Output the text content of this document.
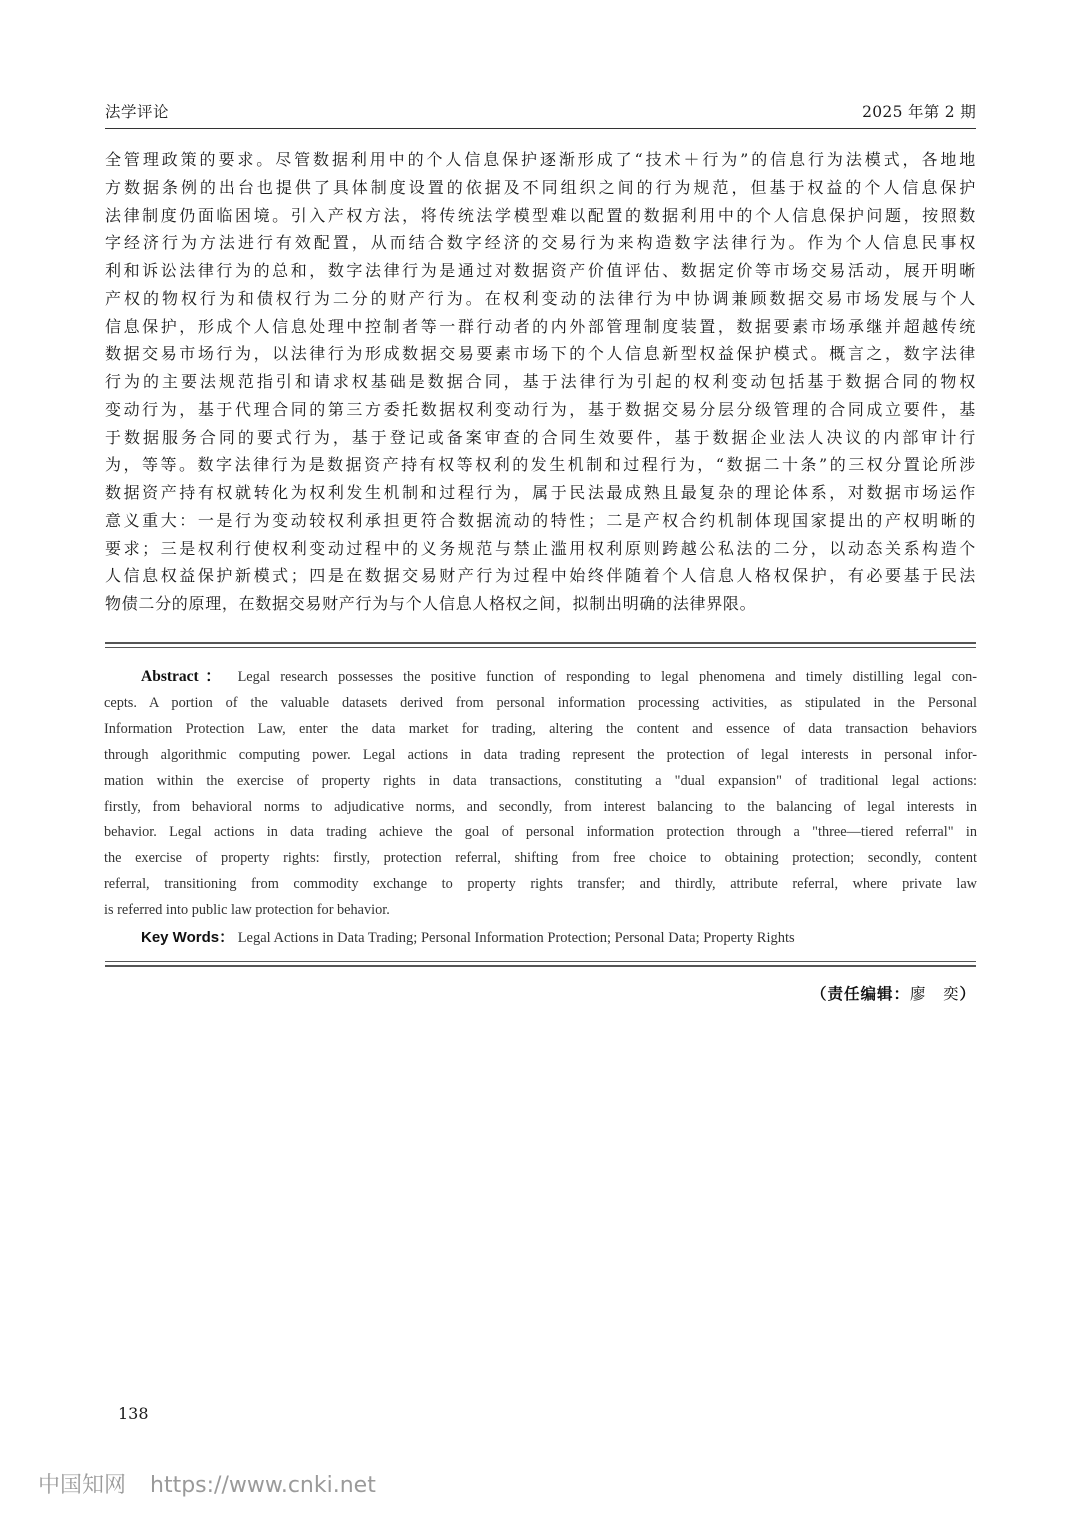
法学评论	2025 年第 2 期
全管理政策的要求。尽管数据利用中的个人信息保护逐渐形成了“技术＋行为”的信息行为法模式，各地地
方数据条例的出台也提供了具体制度设置的依据及不同组织之间的行为规范，但基于权益的个人信息保护
法律制度仍面临困境。引入产权方法，将传统法学模型难以配置的数据利用中的个人信息保护问题，按照数
字经济行为方法进行有效配置，从而结合数字经济的交易行为来构造数字法律行为。作为个人信息民事权
利和诉讼法律行为的总和，数字法律行为是通过对数据资产价值评估、数据定价等市场交易活动，展开明晰
产权的物权行为和债权行为二分的财产行为。在权利变动的法律行为中协调兼顾数据交易市场发展与个人
信息保护，形成个人信息处理中控制者等一群行动者的内外部管理制度装置，数据要素市场承继并超越传统
数据交易市场行为，以法律行为形成数据交易要素市场下的个人信息新型权益保护模式。概言之，数字法律
行为的主要法规范指引和请求权基础是数据合同，基于法律行为引起的权利变动包括基于数据合同的物权
变动行为，基于代理合同的第三方委托数据权利变动行为，基于数据交易分层分级管理的合同成立要件，基
于数据服务合同的要式行为，基于登记或备案审查的合同生效要件，基于数据企业法人决议的内部审计行
为，等等。数字法律行为是数据资产持有权等权利的发生机制和过程行为，“数据二十条”的三权分置论所涉
数据资产持有权就转化为权利发生机制和过程行为，属于民法最成熟且最复杂的理论体系，对数据市场运作
意义重大：一是行为变动较权利承担更符合数据流动的特性；二是产权合约机制体现国家提出的产权明晰的
要求；三是权利行使权利变动过程中的义务规范与禁止滥用权利原则跨越公私法的二分，以动态关系构造个
人信息权益保护新模式；四是在数据交易财产行为过程中始终伴随着个人信息人格权保护，有必要基于民法
物债二分的原理，在数据交易财产行为与个人信息人格权之间，拟制出明确的法律界限。
Abstract： Legal research possesses the positive function of responding to legal phenomena and timely distilling legal con-
cepts. A portion of the valuable datasets derived from personal information processing activities, as stipulated in the Personal
Information Protection Law, enter the data market for trading, altering the content and essence of data transaction behaviors
through algorithmic computing power. Legal actions in data trading represent the protection of legal interests in personal infor-
mation within the exercise of property rights in data transactions, constituting a "dual expansion" of traditional legal actions:
firstly, from behavioral norms to adjudicative norms, and secondly, from interest balancing to the balancing of legal interests in
behavior. Legal actions in data trading achieve the goal of personal information protection through a "three—tiered referral" in
the exercise of property rights: firstly, protection referral, shifting from free choice to obtaining protection; secondly, content
referral, transitioning from commodity exchange to property rights transfer; and thirdly, attribute referral, where private law
is referred into public law protection for behavior.
Key Words： Legal Actions in Data Trading; Personal Information Protection; Personal Data; Property Rights
（责任编辑：廖　奕）
138
中国知网 https://www.cnki.net
